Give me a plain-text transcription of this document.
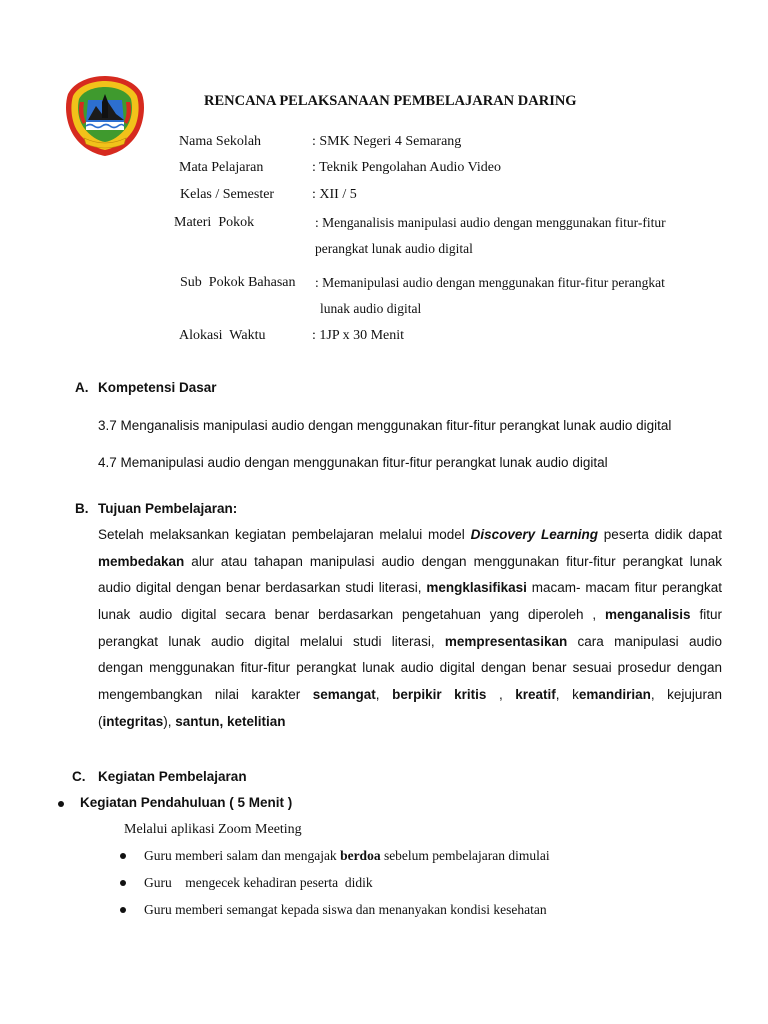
RENCANA PELAKSANAAN PEMBELAJARAN DARING
Nama Sekolah	: SMK Negeri 4 Semarang
Mata Pelajaran	: Teknik Pengolahan Audio Video
Kelas / Semester	: XII / 5
Materi  Pokok	: Menganalisis manipulasi audio dengan menggunakan fitur-fitur
perangkat lunak audio digital
Sub  Pokok Bahasan : Memanipulasi audio dengan menggunakan fitur-fitur perangkat
lunak audio digital
Alokasi  Waktu	: 1JP x 30 Menit
A. Kompetensi Dasar
3.7 Menganalisis manipulasi audio dengan menggunakan fitur-fitur perangkat lunak audio digital
4.7 Memanipulasi audio dengan menggunakan fitur-fitur perangkat lunak audio digital
B. Tujuan Pembelajaran:
Setelah melaksankan kegiatan pembelajaran melalui model Discovery Learning peserta didik dapat
membedakan alur atau tahapan manipulasi audio dengan menggunakan fitur-fitur perangkat lunak
audio digital dengan benar berdasarkan studi literasi, mengklasifikasi macam- macam fitur perangkat
lunak audio digital secara benar berdasarkan pengetahuan yang diperoleh , menganalisis fitur
perangkat lunak audio digital melalui studi literasi, mempresentasikan cara manipulasi audio
dengan menggunakan fitur-fitur perangkat lunak audio digital dengan benar sesuai prosedur dengan
mengembangkan nilai karakter semangat, berpikir kritis , kreatif, kemandirian, kejujuran
(integritas), santun, ketelitian
C. Kegiatan Pembelajaran
Kegiatan Pendahuluan ( 5 Menit )
Melalui aplikasi Zoom Meeting
Guru memberi salam dan mengajak berdoa sebelum pembelajaran dimulai
Guru    mengecek kehadiran peserta  didik
Guru memberi semangat kepada siswa dan menanyakan kondisi kesehatan
